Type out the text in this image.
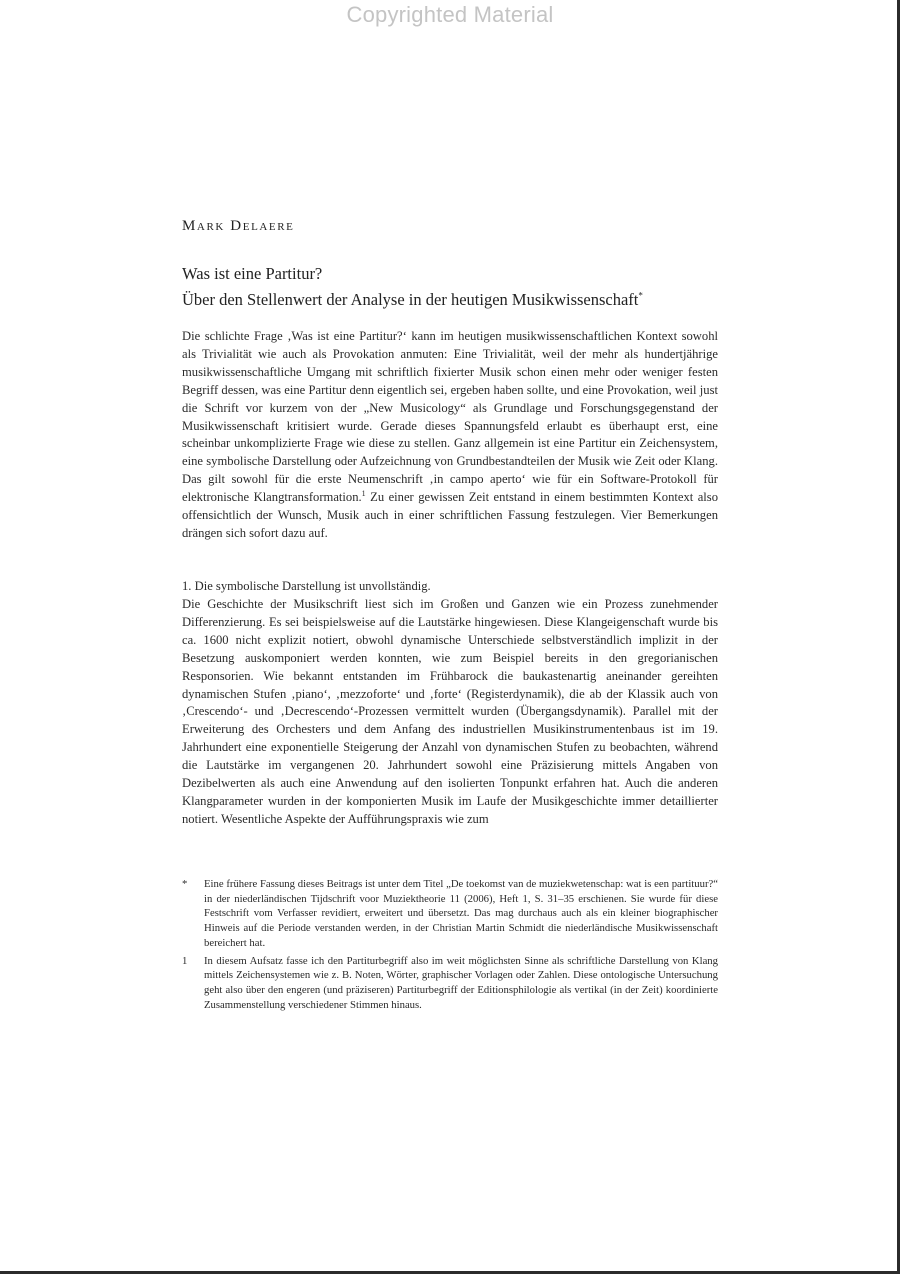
Copyrighted Material
Mark Delaere
Was ist eine Partitur?
Über den Stellenwert der Analyse in der heutigen Musikwissenschaft*
Die schlichte Frage ‚Was ist eine Partitur?‘ kann im heutigen musikwissenschaftlichen Kontext sowohl als Trivialität wie auch als Provokation anmuten: Eine Trivialität, weil der mehr als hundertjährige musikwissenschaftliche Umgang mit schriftlich fixierter Musik schon einen mehr oder weniger festen Begriff dessen, was eine Partitur denn eigentlich sei, ergeben haben sollte, und eine Provokation, weil just die Schrift vor kurzem von der „New Musicology“ als Grundlage und Forschungsgegenstand der Musikwissenschaft kritisiert wurde. Gerade dieses Spannungsfeld erlaubt es überhaupt erst, eine scheinbar unkomplizierte Frage wie diese zu stellen. Ganz allgemein ist eine Partitur ein Zeichensystem, eine symbolische Darstellung oder Aufzeichnung von Grundbestandteilen der Musik wie Zeit oder Klang. Das gilt sowohl für die erste Neumenschrift ‚in campo aperto‘ wie für ein Software-Protokoll für elektronische Klangtransformation.$^1$ Zu einer gewissen Zeit entstand in einem bestimmten Kontext also offensichtlich der Wunsch, Musik auch in einer schriftlichen Fassung festzulegen. Vier Bemerkungen drängen sich sofort dazu auf.
1. Die symbolische Darstellung ist unvollständig.
Die Geschichte der Musikschrift liest sich im Großen und Ganzen wie ein Prozess zunehmender Differenzierung. Es sei beispielsweise auf die Lautstärke hingewiesen. Diese Klangeigenschaft wurde bis ca. 1600 nicht explizit notiert, obwohl dynamische Unterschiede selbstverständlich implizit in der Besetzung auskomponiert werden konnten, wie zum Beispiel bereits in den gregorianischen Responsorien. Wie bekannt entstanden im Frühbarock die baukastenartig aneinander gereihten dynamischen Stufen ‚piano‘, ‚mezzoforte‘ und ‚forte‘ (Registerdynamik), die ab der Klassik auch von ‚Crescendo‘- und ‚Decrescendo‘-Prozessen vermittelt wurden (Übergangsdynamik). Parallel mit der Erweiterung des Orchesters und dem Anfang des industriellen Musikinstrumentenbaus ist im 19. Jahrhundert eine exponentielle Steigerung der Anzahl von dynamischen Stufen zu beobachten, während die Lautstärke im vergangenen 20. Jahrhundert sowohl eine Präzisierung mittels Angaben von Dezibelwerten als auch eine Anwendung auf den isolierten Tonpunkt erfahren hat. Auch die anderen Klangparameter wurden in der komponierten Musik im Laufe der Musikgeschichte immer detaillierter notiert. Wesentliche Aspekte der Aufführungspraxis wie zum
* Eine frühere Fassung dieses Beitrags ist unter dem Titel „De toekomst van de muziekwetenschap: wat is een partituur?“ in der niederländischen Tijdschrift voor Muziektheorie 11 (2006), Heft 1, S. 31–35 erschienen. Sie wurde für diese Festschrift vom Verfasser revidiert, erweitert und übersetzt. Das mag durchaus auch als ein kleiner biographischer Hinweis auf die Periode verstanden werden, in der Christian Martin Schmidt die niederländische Musikwissenschaft bereichert hat.
1 In diesem Aufsatz fasse ich den Partiturbegriff also im weit möglichsten Sinne als schriftliche Darstellung von Klang mittels Zeichensystemen wie z. B. Noten, Wörter, graphischer Vorlagen oder Zahlen. Diese ontologische Untersuchung geht also über den engeren (und präziseren) Partiturbegriff der Editionsphilologie als vertikal (in der Zeit) koordinierte Zusammenstellung verschiedener Stimmen hinaus.
